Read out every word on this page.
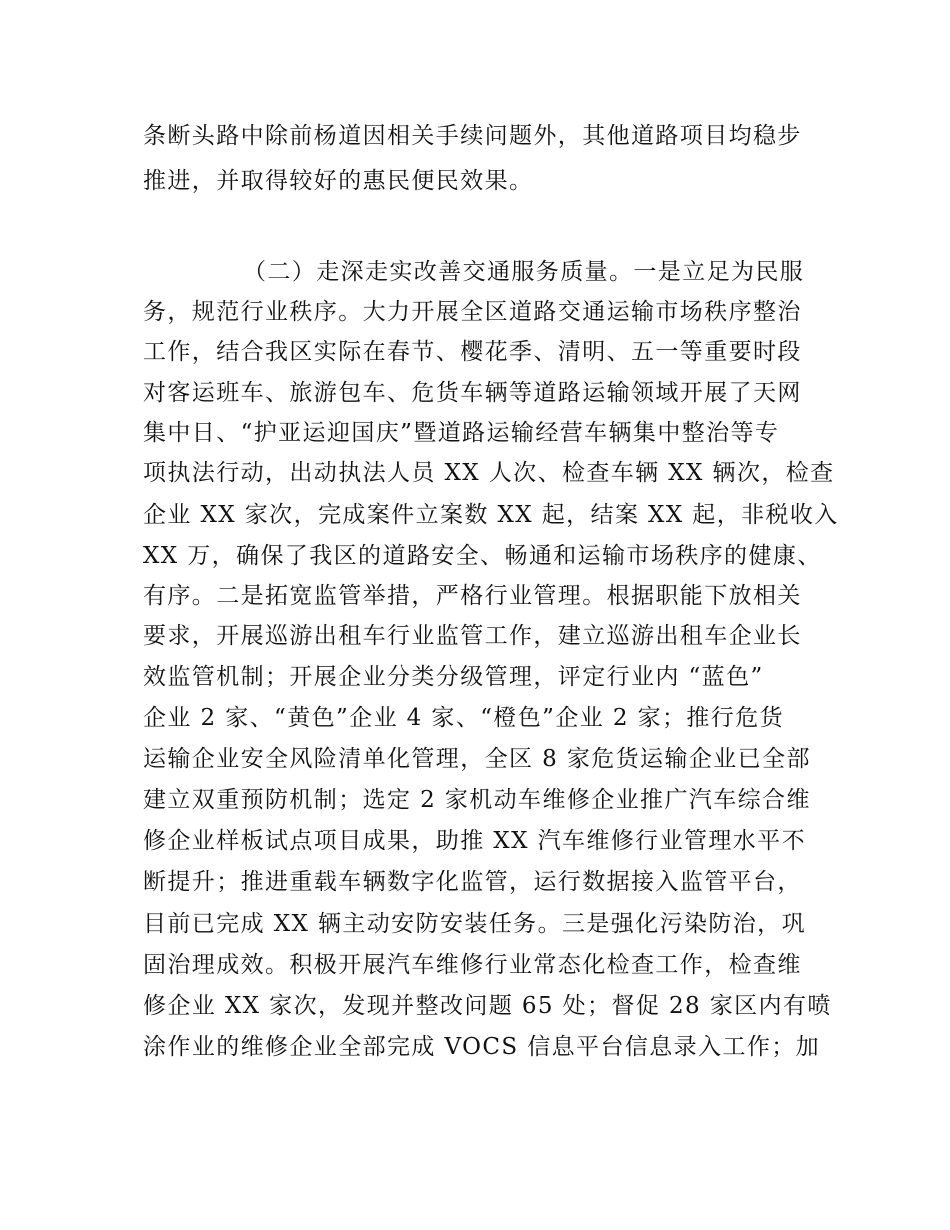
条断头路中除前杨道因相关手续问题外，其他道路项目均稳步
推进，并取得较好的惠民便民效果。
（二）走深走实改善交通服务质量。一是立足为民服
务，规范行业秩序。大力开展全区道路交通运输市场秩序整治
工作，结合我区实际在春节、樱花季、清明、五一等重要时段
对客运班车、旅游包车、危货车辆等道路运输领域开展了天网
集中日、“护亚运迎国庆”暨道路运输经营车辆集中整治等专
项执法行动，出动执法人员 XX 人次、检查车辆 XX 辆次，检查
企业 XX 家次，完成案件立案数 XX 起，结案 XX 起，非税收入
XX 万，确保了我区的道路安全、畅通和运输市场秩序的健康、
有序。二是拓宽监管举措，严格行业管理。根据职能下放相关
要求，开展巡游出租车行业监管工作，建立巡游出租车企业长
效监管机制；开展企业分类分级管理，评定行业内 “蓝色”
企业 2 家、“黄色”企业 4 家、“橙色”企业 2 家；推行危货
运输企业安全风险清单化管理，全区 8 家危货运输企业已全部
建立双重预防机制；选定 2 家机动车维修企业推广汽车综合维
修企业样板试点项目成果，助推 XX 汽车维修行业管理水平不
断提升；推进重载车辆数字化监管，运行数据接入监管平台，
目前已完成 XX 辆主动安防安装任务。三是强化污染防治，巩
固治理成效。积极开展汽车维修行业常态化检查工作，检查维
修企业 XX 家次，发现并整改问题 65 处；督促 28 家区内有喷
涂作业的维修企业全部完成 VOCS 信息平台信息录入工作；加
